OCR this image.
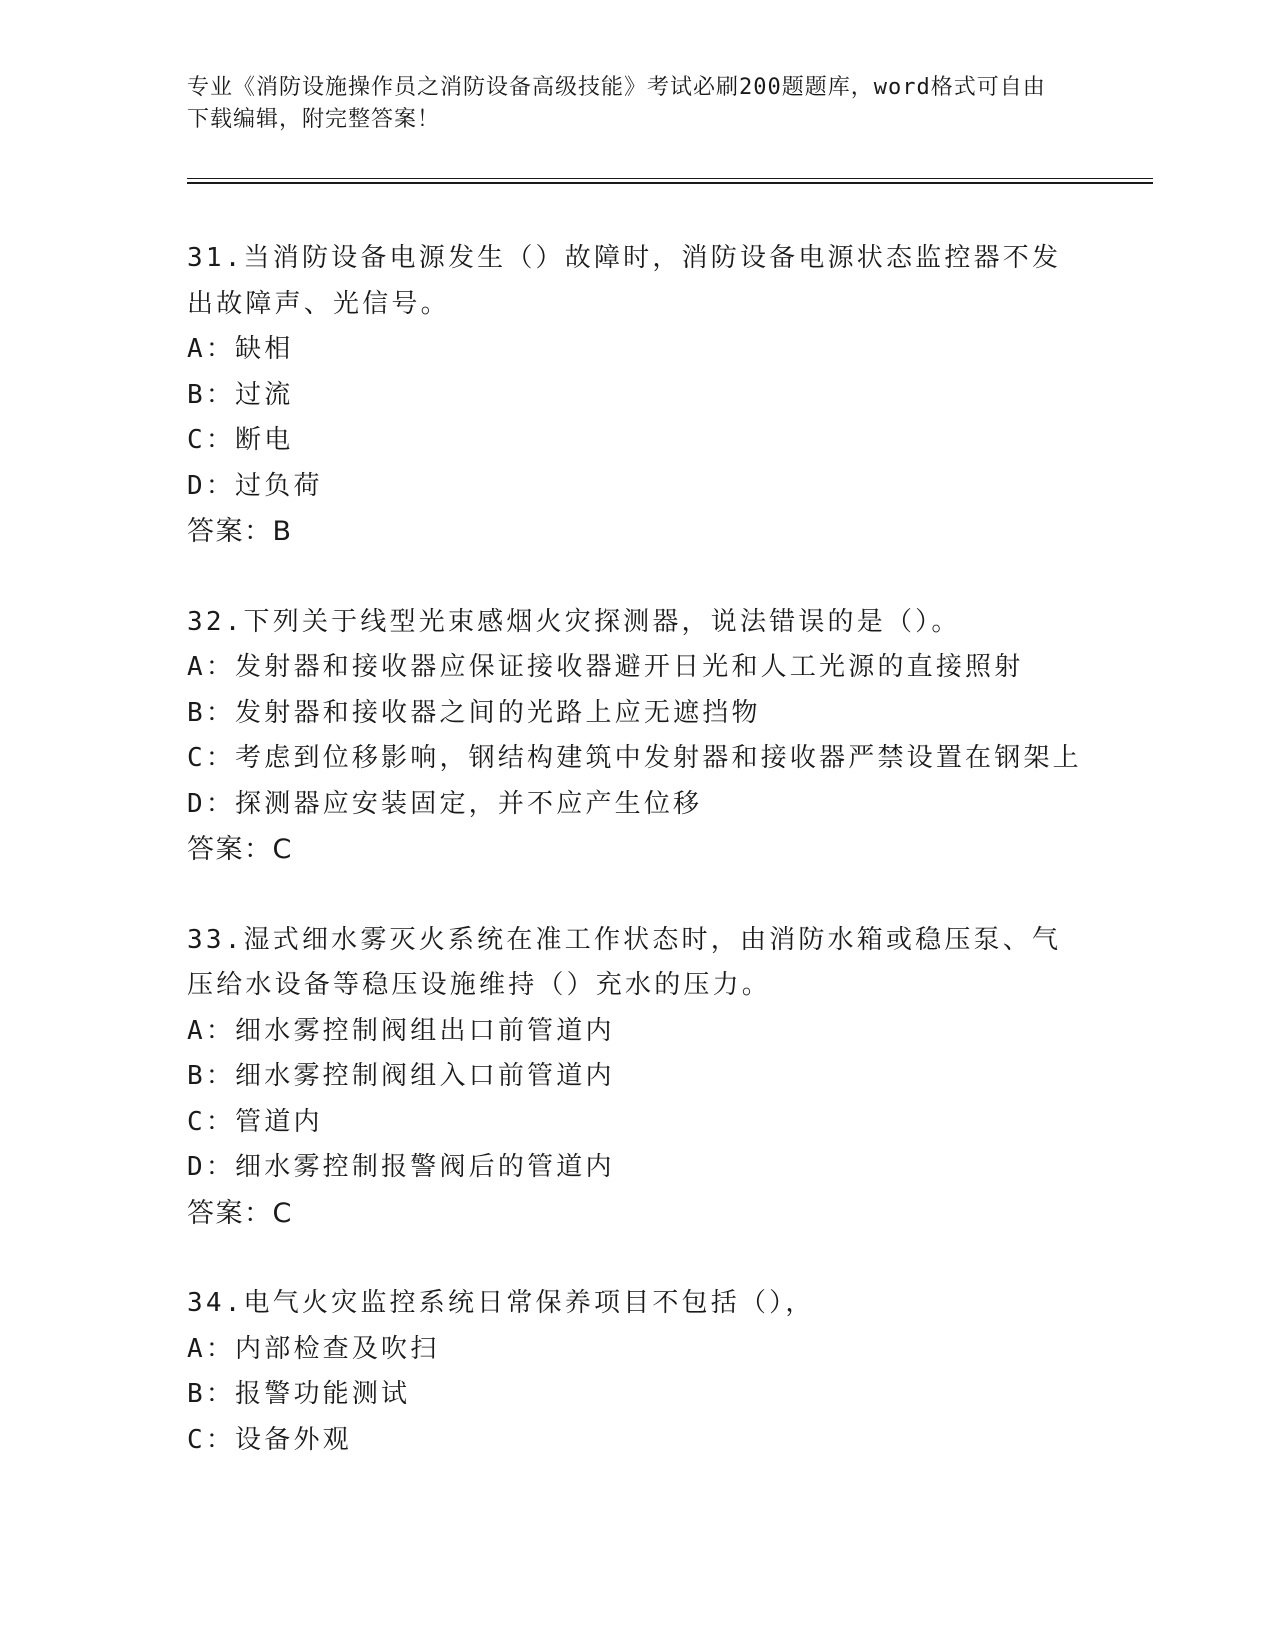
专业《消防设施操作员之消防设备高级技能》考试必刷200题题库，word格式可自由下载编辑，附完整答案！
31.当消防设备电源发生（）故障时，消防设备电源状态监控器不发出故障声、光信号。
A：缺相
B：过流
C：断电
D：过负荷
答案：B
32.下列关于线型光束感烟火灾探测器，说法错误的是（）。
A：发射器和接收器应保证接收器避开日光和人工光源的直接照射
B：发射器和接收器之间的光路上应无遮挡物
C：考虑到位移影响，钢结构建筑中发射器和接收器严禁设置在钢架上
D：探测器应安装固定，并不应产生位移
答案：C
33.湿式细水雾灭火系统在准工作状态时，由消防水箱或稳压泵、气压给水设备等稳压设施维持（）充水的压力。
A：细水雾控制阀组出口前管道内
B：细水雾控制阀组入口前管道内
C：管道内
D：细水雾控制报警阀后的管道内
答案：C
34.电气火灾监控系统日常保养项目不包括（），
A：内部检查及吹扫
B：报警功能测试
C：设备外观
